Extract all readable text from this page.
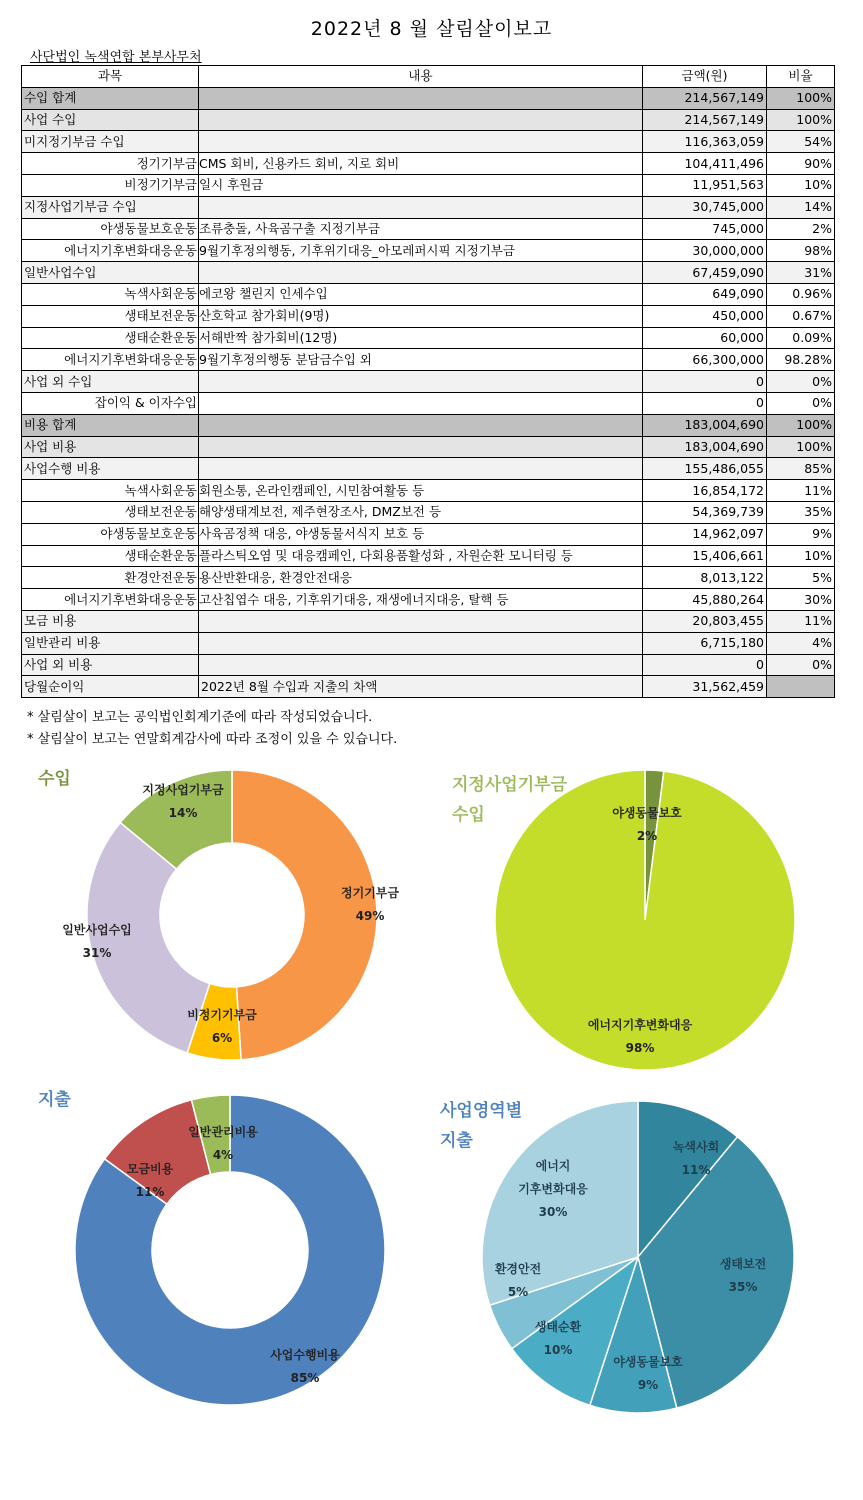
2022년 8 월 살림살이보고
사단법인 녹색연합 본부사무처
과목	내용	금액(원)	비율
수입 합계		214,567,149	100%
사업 수입		214,567,149	100%
미지정기부금 수입		116,363,059	54%
정기기부금	CMS 회비, 신용카드 회비, 지로 회비	104,411,496	90%
비정기기부금	일시 후원금	11,951,563	10%
지정사업기부금 수입		30,745,000	14%
야생동물보호운동	조류충돌, 사육곰구출 지정기부금	745,000	2%
에너지기후변화대응운동	9월기후정의행동, 기후위기대응_아모레퍼시픽 지정기부금	30,000,000	98%
일반사업수입		67,459,090	31%
녹색사회운동	에코왕 챌린지 인세수입	649,090	0.96%
생태보전운동	산호학교 참가회비(9명)	450,000	0.67%
생태순환운동	서해반짝 참가회비(12명)	60,000	0.09%
에너지기후변화대응운동	9월기후정의행동 분담금수입 외	66,300,000	98.28%
사업 외 수입		0	0%
잡이익 & 이자수입		0	0%
비용 합계		183,004,690	100%
사업 비용		183,004,690	100%
사업수행 비용		155,486,055	85%
녹색사회운동	회원소통, 온라인캠페인, 시민참여활동 등	16,854,172	11%
생태보전운동	해양생태계보전, 제주현장조사, DMZ보전 등	54,369,739	35%
야생동물보호운동	사육곰정책 대응, 야생동물서식지 보호 등	14,962,097	9%
생태순환운동	플라스틱오염 및 대응캠페인, 다회용품활성화 , 자원순환 모니터링 등	15,406,661	10%
환경안전운동	용산반환대응, 환경안전대응	8,013,122	5%
에너지기후변화대응운동	고산칩엽수 대응, 기후위기대응, 재생에너지대응, 탈핵 등	45,880,264	30%
모금 비용		20,803,455	11%
일반관리 비용		6,715,180	4%
사업 외 비용		0	0%
당월순이익	2022년 8월 수입과 지출의 차액	31,562,459	
* 살림살이 보고는 공익법인회계기준에 따라 작성되었습니다.
* 살림살이 보고는 연말회계감사에 따라 조정이 있을 수 있습니다.
수입
정기기부금 49%
비정기기부금 6%
일반사업수입 31%
지정사업기부금 14%
지정사업기부금
수입	야생동물보호 2%
에너지기후변화대응 98%
지출
사업수행비용 85%
모금비용 11%
일반관리비용 4%
사업영역별
지출	녹색사회 11%
생태보전 35%
야생동물보호 9%
생태순환 10%
환경안전 5%
에너지 기후변화대응 30%
